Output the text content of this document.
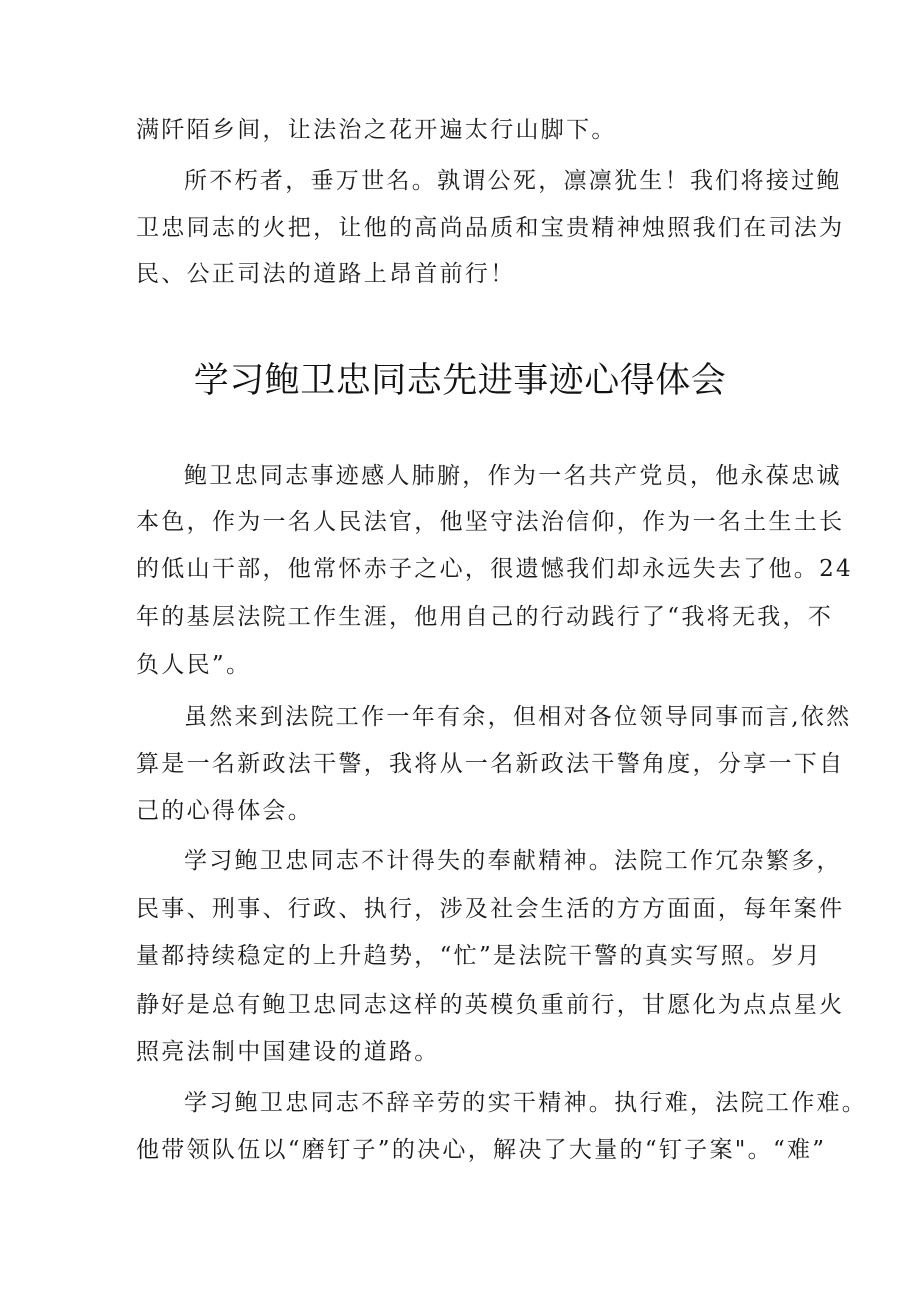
满阡陌乡间，让法治之花开遍太行山脚下。
所不朽者，垂万世名。孰谓公死，凛凛犹生！我们将接过鲍
卫忠同志的火把，让他的高尚品质和宝贵精神烛照我们在司法为
民、公正司法的道路上昂首前行！
学习鲍卫忠同志先进事迹心得体会
鲍卫忠同志事迹感人肺腑，作为一名共产党员，他永葆忠诚
本色，作为一名人民法官，他坚守法治信仰，作为一名土生土长
的低山干部，他常怀赤子之心，很遗憾我们却永远失去了他。24
年的基层法院工作生涯，他用自己的行动践行了“我将无我，不
负人民”。
虽然来到法院工作一年有余，但相对各位领导同事而言,依然
算是一名新政法干警，我将从一名新政法干警角度，分享一下自
己的心得体会。
学习鲍卫忠同志不计得失的奉献精神。法院工作冗杂繁多，
民事、刑事、行政、执行，涉及社会生活的方方面面，每年案件
量都持续稳定的上升趋势，“忙”是法院干警的真实写照。岁月
静好是总有鲍卫忠同志这样的英模负重前行，甘愿化为点点星火
照亮法制中国建设的道路。
学习鲍卫忠同志不辞辛劳的实干精神。执行难，法院工作难。
他带领队伍以“磨钉子”的决心，解决了大量的“钉子案"。“难”
